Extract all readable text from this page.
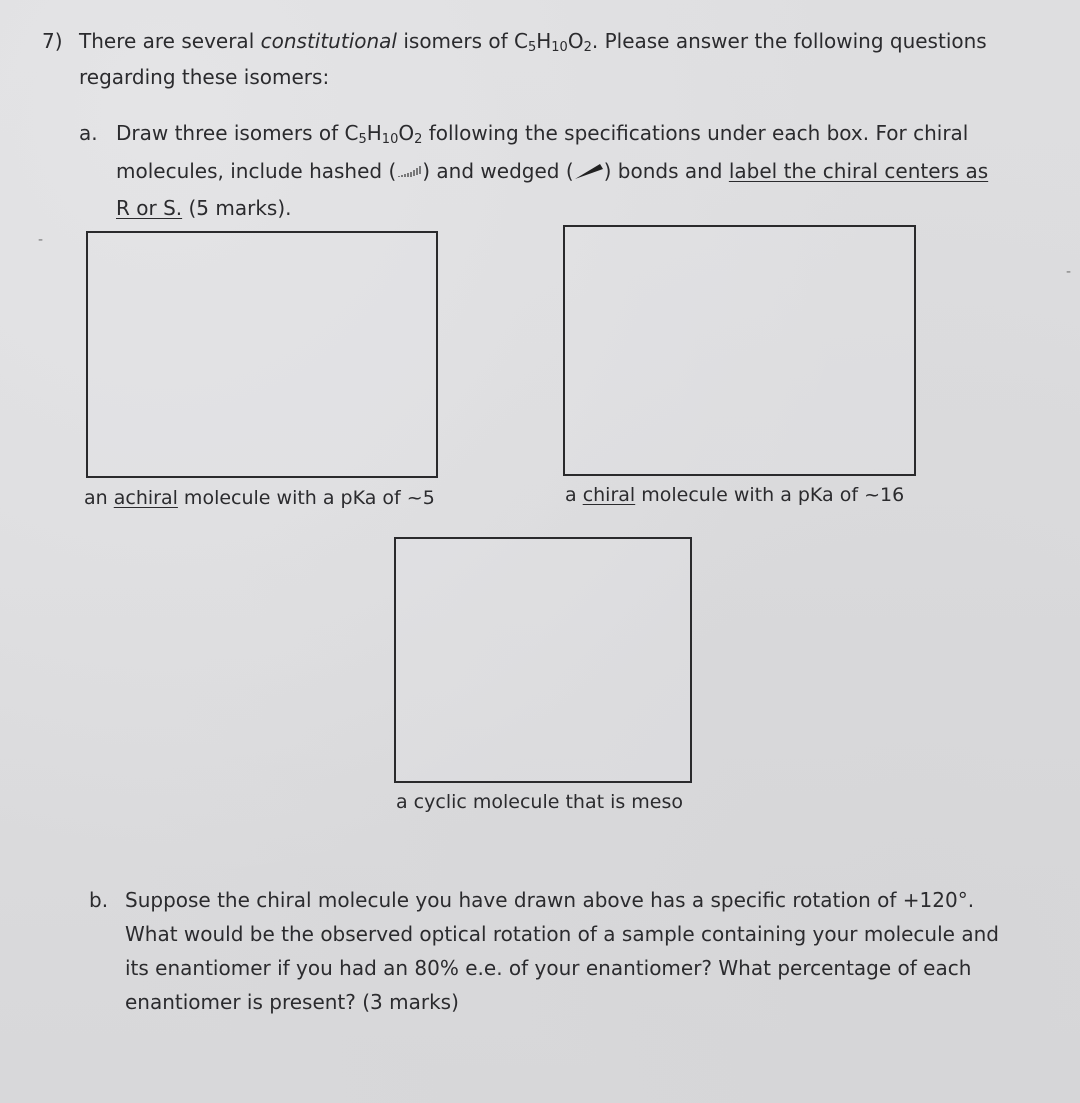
7) There are several constitutional isomers of $C_5H_{10}O_2$. Please answer the following questions
regarding these isomers:
a. Draw three isomers of $C_5H_{10}O_2$ following the specifications under each box. For chiral
molecules, include hashed ( ) and wedged ( ) bonds and label the chiral centers as
R or S. (5 marks).
‐
‐
an achiral molecule with a pKa of ~5	a chiral molecule with a pKa of ~16
a cyclic molecule that is meso
b. Suppose the chiral molecule you have drawn above has a specific rotation of +120°.
What would be the observed optical rotation of a sample containing your molecule and
its enantiomer if you had an 80% e.e. of your enantiomer? What percentage of each
enantiomer is present? (3 marks)
